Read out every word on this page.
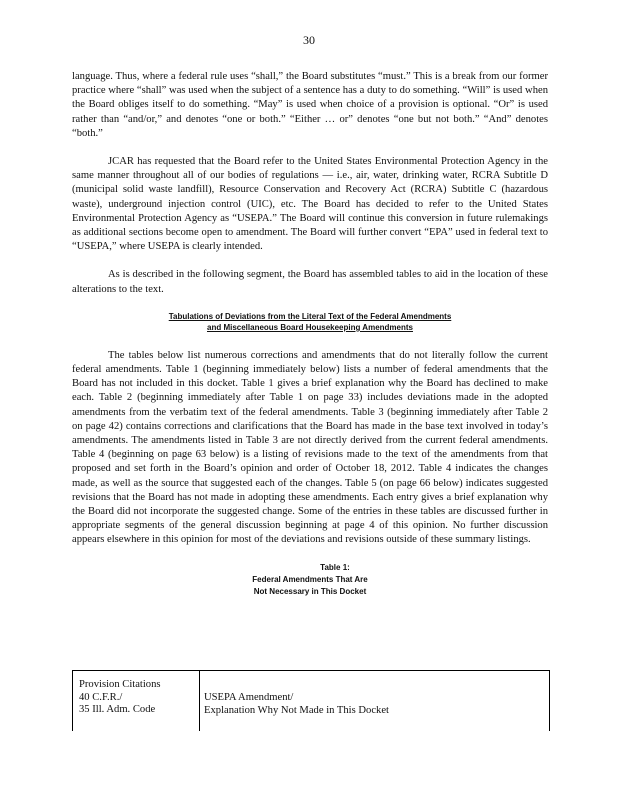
30

language. Thus, where a federal rule uses “shall,” the Board substitutes “must.” This is a break from our former practice where “shall” was used when the subject of a sentence has a duty to do something. “Will” is used when the Board obliges itself to do something. “May” is used when choice of a provision is optional. “Or” is used rather than “and/or,” and denotes “one or both.” “Either … or” denotes “one but not both.” “And” denotes “both.”

JCAR has requested that the Board refer to the United States Environmental Protection Agency in the same manner throughout all of our bodies of regulations — i.e., air, water, drinking water, RCRA Subtitle D (municipal solid waste landfill), Resource Conservation and Recovery Act (RCRA) Subtitle C (hazardous waste), underground injection control (UIC), etc. The Board has decided to refer to the United States Environmental Protection Agency as “USEPA.” The Board will continue this conversion in future rulemakings as additional sections become open to amendment. The Board will further convert “EPA” used in federal text to “USEPA,” where USEPA is clearly intended.

As is described in the following segment, the Board has assembled tables to aid in the location of these alterations to the text.

Tabulations of Deviations from the Literal Text of the Federal Amendments
and Miscellaneous Board Housekeeping Amendments

The tables below list numerous corrections and amendments that do not literally follow the current federal amendments. Table 1 (beginning immediately below) lists a number of federal amendments that the Board has not included in this docket. Table 1 gives a brief explanation why the Board has declined to make each. Table 2 (beginning immediately after Table 1 on page 33) includes deviations made in the adopted amendments from the verbatim text of the federal amendments. Table 3 (beginning immediately after Table 2 on page 42) contains corrections and clarifications that the Board has made in the base text involved in today’s amendments. The amendments listed in Table 3 are not directly derived from the current federal amendments. Table 4 (beginning on page 63 below) is a listing of revisions made to the text of the amendments from that proposed and set forth in the Board’s opinion and order of October 18, 2012. Table 4 indicates the changes made, as well as the source that suggested each of the changes. Table 5 (on page 66 below) indicates suggested revisions that the Board has not made in adopting these amendments. Each entry gives a brief explanation why the Board did not incorporate the suggested change. Some of the entries in these tables are discussed further in appropriate segments of the general discussion beginning at page 4 of this opinion. No further discussion appears elsewhere in this opinion for most of the deviations and revisions outside of these summary listings.

Table 1:
Federal Amendments That Are
Not Necessary in This Docket
Provision Citations
40 C.F.R./
35 Ill. Adm. Code
USEPA Amendment/
Explanation Why Not Made in This Docket
